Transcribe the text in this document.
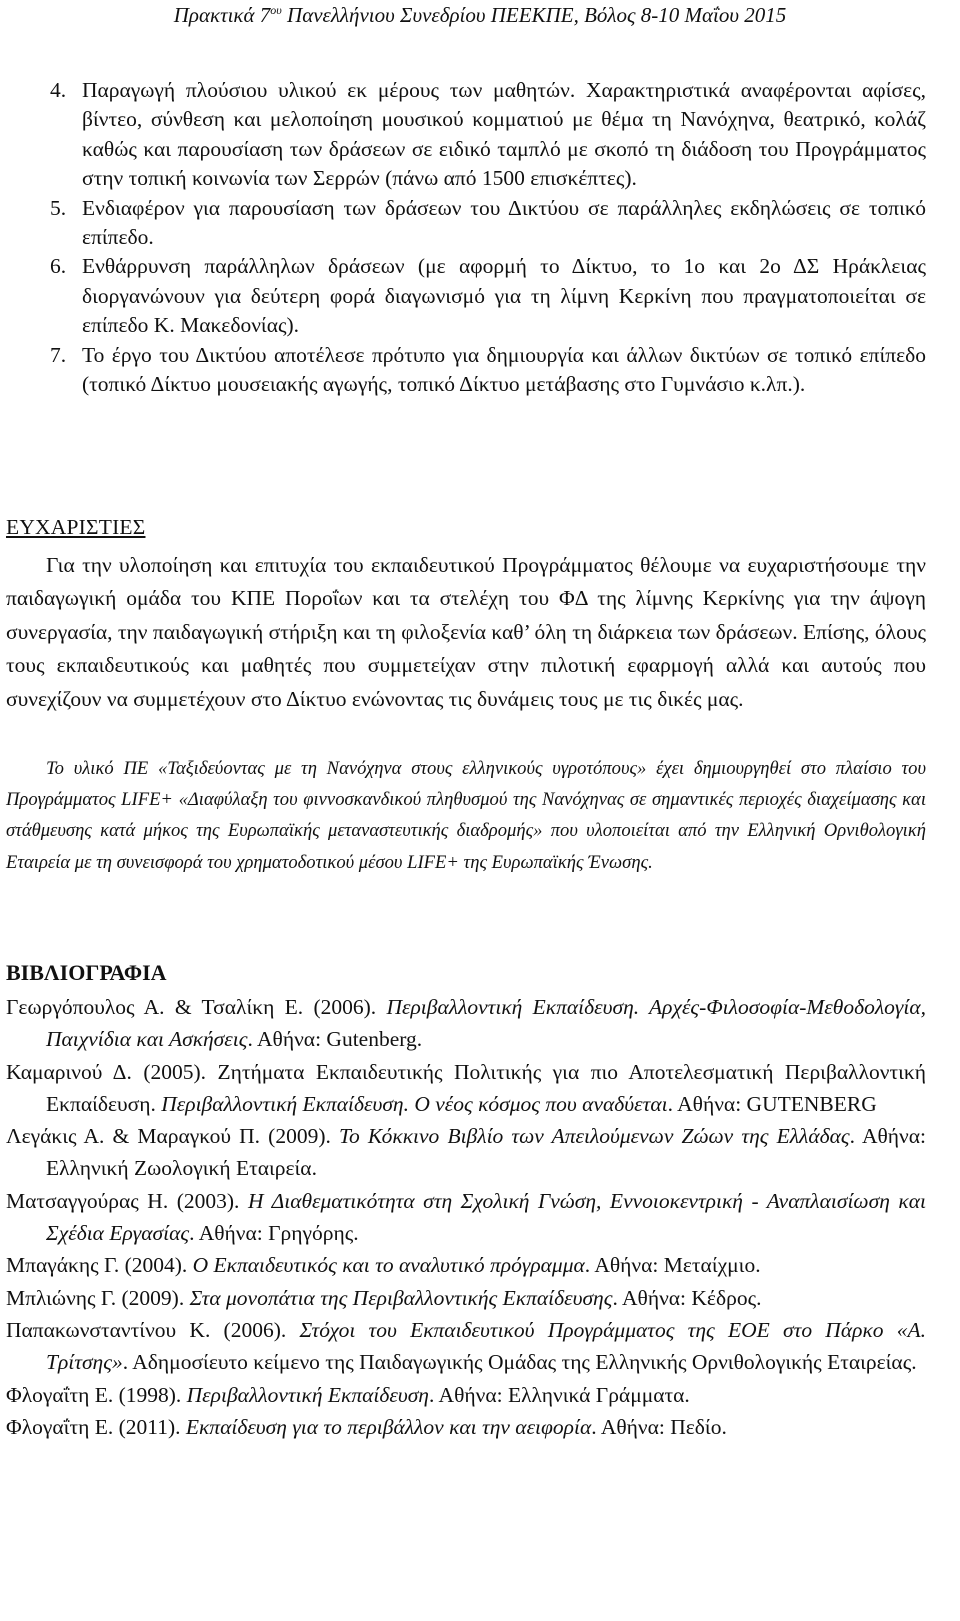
Πρακτικά $7^{o\upsilon}$ Πανελλήνιου Συνεδρίου ΠΕΕΚΠΕ, Βόλος 8-10 Μαΐου 2015
4. Παραγωγή πλούσιου υλικού εκ μέρους των μαθητών. Χαρακτηριστικά αναφέρονται αφίσες, βίντεο, σύνθεση και μελοποίηση μουσικού κομματιού με θέμα τη Νανόχηνα, θεατρικό, κολάζ καθώς και παρουσίαση των δράσεων σε ειδικό ταμπλό με σκοπό τη διάδοση του Προγράμματος στην τοπική κοινωνία των Σερρών (πάνω από 1500 επισκέπτες).
5. Ενδιαφέρον για παρουσίαση των δράσεων του Δικτύου σε παράλληλες εκδηλώσεις σε τοπικό επίπεδο.
6. Ενθάρρυνση παράλληλων δράσεων (με αφορμή το Δίκτυο, το 1ο και 2ο ΔΣ Ηράκλειας διοργανώνουν για δεύτερη φορά διαγωνισμό για τη λίμνη Κερκίνη που πραγματοποιείται σε επίπεδο Κ. Μακεδονίας).
7. Το έργο του Δικτύου αποτέλεσε πρότυπο για δημιουργία και άλλων δικτύων σε τοπικό επίπεδο (τοπικό Δίκτυο μουσειακής αγωγής, τοπικό Δίκτυο μετάβασης στο Γυμνάσιο κ.λπ.).
ΕΥΧΑΡΙΣΤΙΕΣ
Για την υλοποίηση και επιτυχία του εκπαιδευτικού Προγράμματος θέλουμε να ευχαριστήσουμε την παιδαγωγική ομάδα του ΚΠΕ Ποροΐων και τα στελέχη του ΦΔ της λίμνης Κερκίνης για την άψογη συνεργασία, την παιδαγωγική στήριξη και τη φιλοξενία καθ’ όλη τη διάρκεια των δράσεων. Επίσης, όλους τους εκπαιδευτικούς και μαθητές που συμμετείχαν στην πιλοτική εφαρμογή αλλά και αυτούς που συνεχίζουν να συμμετέχουν στο Δίκτυο ενώνοντας τις δυνάμεις τους με τις δικές μας.
Το υλικό ΠΕ «Ταξιδεύοντας με τη Νανόχηνα στους ελληνικούς υγροτόπους» έχει δημιουργηθεί στο πλαίσιο του Προγράμματος LIFE+ «Διαφύλαξη του φιννοσκανδικού πληθυσμού της Νανόχηνας σε σημαντικές περιοχές διαχείμασης και στάθμευσης κατά μήκος της Ευρωπαϊκής μεταναστευτικής διαδρομής» που υλοποιείται από την Ελληνική Ορνιθολογική Εταιρεία με τη συνεισφορά του χρηματοδοτικού μέσου LIFE+ της Ευρωπαϊκής Ένωσης.
ΒΙΒΛΙΟΓΡΑΦΙΑ
Γεωργόπουλος Α. & Τσαλίκη Ε. (2006). Περιβαλλοντική Εκπαίδευση. Αρχές-Φιλοσοφία-Μεθοδολογία, Παιχνίδια και Ασκήσεις. Αθήνα: Gutenberg.
Καμαρινού Δ. (2005). Ζητήματα Εκπαιδευτικής Πολιτικής για πιο Αποτελεσματική Περιβαλλοντική Εκπαίδευση. Περιβαλλοντική Εκπαίδευση. Ο νέος κόσμος που αναδύεται. Αθήνα: GUTENBERG
Λεγάκις Α. & Μαραγκού Π. (2009). Το Κόκκινο Βιβλίο των Απειλούμενων Ζώων της Ελλάδας. Αθήνα: Ελληνική Ζωολογική Εταιρεία.
Ματσαγγούρας Η. (2003). Η Διαθεματικότητα στη Σχολική Γνώση, Εννοιοκεντρική - Αναπλαισίωση και Σχέδια Εργασίας. Αθήνα: Γρηγόρης.
Μπαγάκης Γ. (2004). Ο Εκπαιδευτικός και το αναλυτικό πρόγραμμα. Αθήνα: Μεταίχμιο.
Μπλιώνης Γ. (2009). Στα μονοπάτια της Περιβαλλοντικής Εκπαίδευσης. Αθήνα: Κέδρος.
Παπακωνσταντίνου Κ. (2006). Στόχοι του Εκπαιδευτικού Προγράμματος της ΕΟΕ στο Πάρκο «Α. Τρίτσης». Αδημοσίευτο κείμενο της Παιδαγωγικής Ομάδας της Ελληνικής Ορνιθολογικής Εταιρείας.
Φλογαΐτη Ε. (1998). Περιβαλλοντική Εκπαίδευση. Αθήνα: Ελληνικά Γράμματα.
Φλογαΐτη Ε. (2011). Εκπαίδευση για το περιβάλλον και την αειφορία. Αθήνα: Πεδίο.
